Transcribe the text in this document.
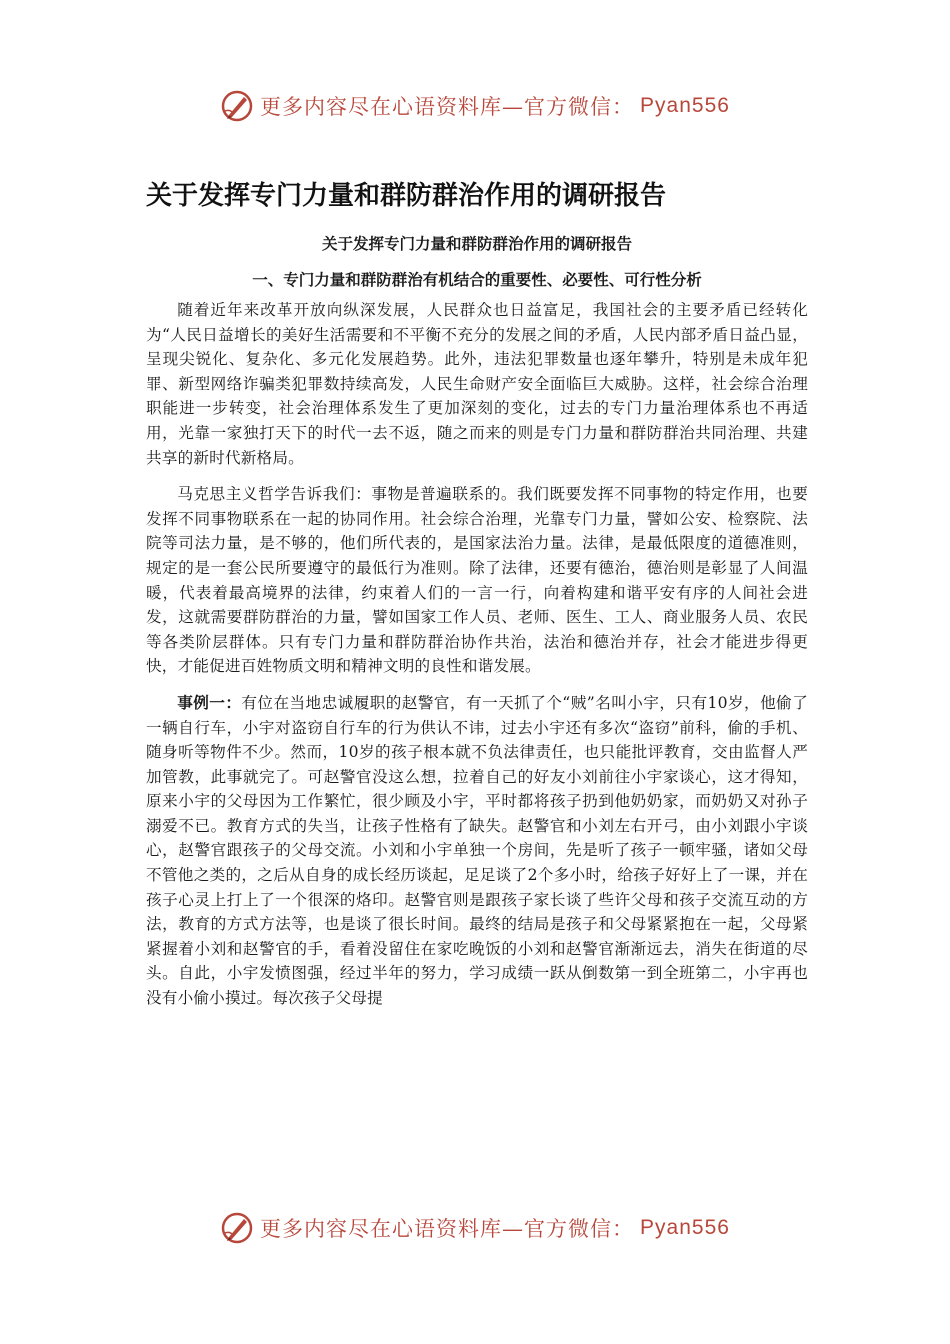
更多内容尽在心语资料库—官方微信： Pyan556
关于发挥专门力量和群防群治作用的调研报告
关于发挥专门力量和群防群治作用的调研报告
一、专门力量和群防群治有机结合的重要性、必要性、可行性分析

随着近年来改革开放向纵深发展，人民群众也日益富足，我国社会的主要矛盾已经转化为“人民日益增长的美好生活需要和不平衡不充分的发展之间的矛盾，人民内部矛盾日益凸显，呈现尖锐化、复杂化、多元化发展趋势。此外，违法犯罪数量也逐年攀升，特别是未成年犯罪、新型网络诈骗类犯罪数持续高发，人民生命财产安全面临巨大威胁。这样，社会综合治理职能进一步转变，社会治理体系发生了更加深刻的变化，过去的专门力量治理体系也不再适用，光靠一家独打天下的时代一去不返，随之而来的则是专门力量和群防群治共同治理、共建共享的新时代新格局。

马克思主义哲学告诉我们：事物是普遍联系的。我们既要发挥不同事物的特定作用，也要发挥不同事物联系在一起的协同作用。社会综合治理，光靠专门力量，譬如公安、检察院、法院等司法力量，是不够的，他们所代表的，是国家法治力量。法律，是最低限度的道德准则，规定的是一套公民所要遵守的最低行为准则。除了法律，还要有德治，德治则是彰显了人间温暖，代表着最高境界的法律，约束着人们的一言一行，向着构建和谐平安有序的人间社会进发，这就需要群防群治的力量，譬如国家工作人员、老师、医生、工人、商业服务人员、农民等各类阶层群体。只有专门力量和群防群治协作共治，法治和德治并存，社会才能进步得更快，才能促进百姓物质文明和精神文明的良性和谐发展。

事例一：有位在当地忠诚履职的赵警官，有一天抓了个“贼”名叫小宇，只有10岁，他偷了一辆自行车，小宇对盗窃自行车的行为供认不讳，过去小宇还有多次“盗窃”前科，偷的手机、随身听等物件不少。然而，10岁的孩子根本就不负法律责任，也只能批评教育，交由监督人严加管教，此事就完了。可赵警官没这么想，拉着自己的好友小刘前往小宇家谈心，这才得知，原来小宇的父母因为工作繁忙，很少顾及小宇，平时都将孩子扔到他奶奶家，而奶奶又对孙子溺爱不已。教育方式的失当，让孩子性格有了缺失。赵警官和小刘左右开弓，由小刘跟小宇谈心，赵警官跟孩子的父母交流。小刘和小宇单独一个房间，先是听了孩子一顿牢骚，诸如父母不管他之类的，之后从自身的成长经历谈起，足足谈了2个多小时，给孩子好好上了一课，并在孩子心灵上打上了一个很深的烙印。赵警官则是跟孩子家长谈了些许父母和孩子交流互动的方法，教育的方式方法等，也是谈了很长时间。最终的结局是孩子和父母紧紧抱在一起，父母紧紧握着小刘和赵警官的手，看着没留住在家吃晚饭的小刘和赵警官渐渐远去，消失在街道的尽头。自此，小宇发愤图强，经过半年的努力，学习成绩一跃从倒数第一到全班第二，小宇再也没有小偷小摸过。每次孩子父母提

更多内容尽在心语资料库—官方微信： Pyan556
